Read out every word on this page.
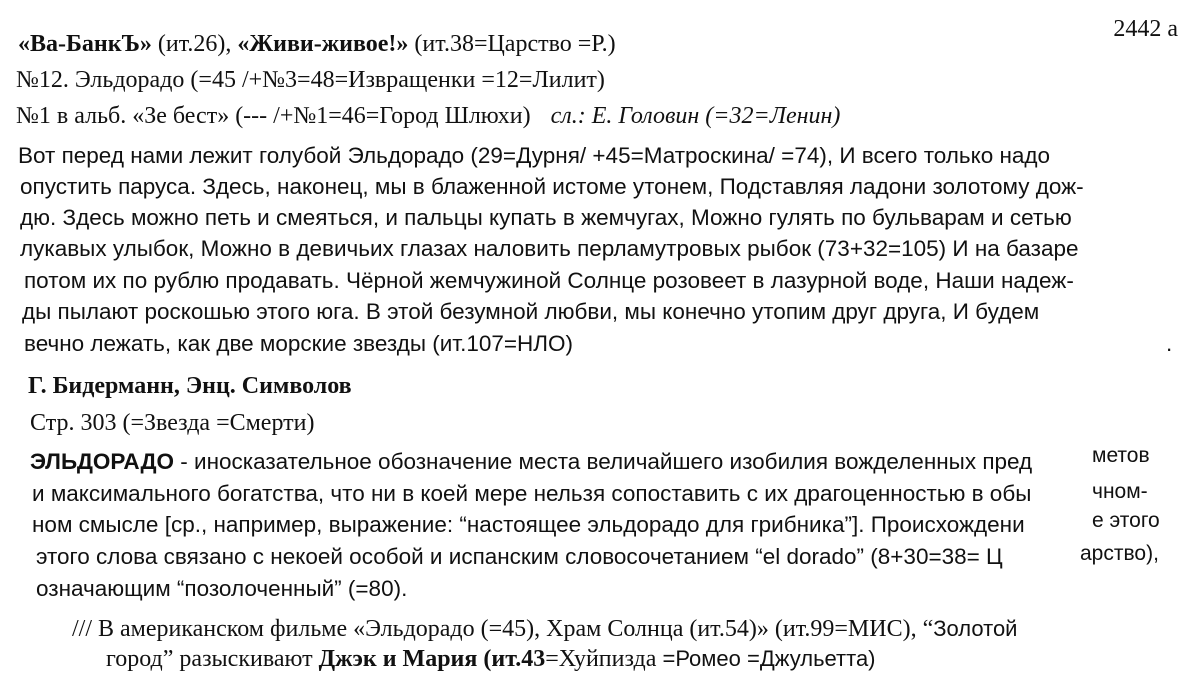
2442 а
«Ва-БанкЪ» (ит.26), «Живи-живое!» (ит.38=Царство =Р.)
№12. Эльдорадо (=45 /+№3=48=Извращенки =12=Лилит)
№1 в альб. «Зе бест» (--- /+№1=46=Город Шлюхи) сл.: Е. Головин (=32=Ленин)
Вот перед нами лежит голубой Эльдорадо (29=Дурня/ +45=Матроскина/ =74), И всего только надо
опустить паруса. Здесь, наконец, мы в блаженной истоме утонем, Подставляя ладони золотому дож-
дю. Здесь можно петь и смеяться, и пальцы купать в жемчугах, Можно гулять по бульварам и сетью
лукавых улыбок, Можно в девичьих глазах наловить перламутровых рыбок (73+32=105) И на базаре
потом их по рублю продавать. Чёрной жемчужиной Солнце розовеет в лазурной воде, Наши надеж-
ды пылают роскошью этого юга. В этой безумной любви, мы конечно утопим друг друга, И будем
вечно лежать, как две морские звезды (ит.107=НЛО)	.
Г. Бидерманн, Энц. Символов
Стр. 303 (=Звезда =Смерти)
ЭЛЬДОРАДО - иносказательное обозначение места величайшего изобилия вожделенных пред	метов
и максимального богатства, что ни в коей мере нельзя сопоставить с их драгоценностью в обы	чном-
ном смысле [ср., например, выражение: “настоящее эльдорадо для грибника”]. Происхождени	е этого
этого слова связано с некоей особой и испанским словосочетанием “el dorado” (8+30=38= Ц	арство),
означающим “позолоченный” (=80).
/// В американском фильме «Эльдорадо (=45), Храм Солнца (ит.54)» (ит.99=МИС), “Золотой
город” разыскивают Джэк и Мария (ит.43=Хуйпизда =Ромео =Джульетта)
